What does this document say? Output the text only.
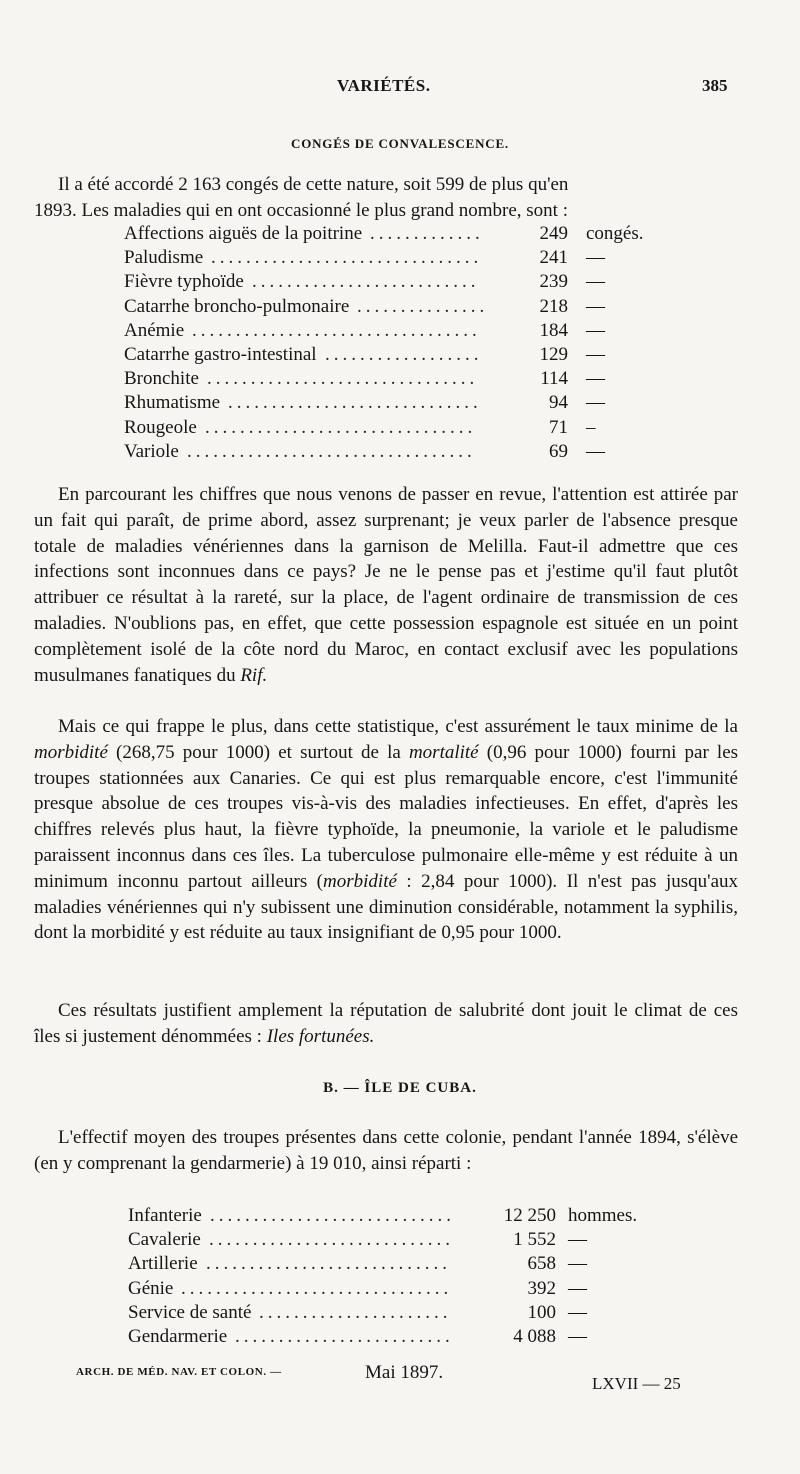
VARIÉTÉS.	385
CONGÉS DE CONVALESCENCE.
Il a été accordé 2 163 congés de cette nature, soit 599 de plus qu'en
1893. Les maladies qui en ont occasionné le plus grand nombre, sont :
Affections aiguës de la poitrine .............	249 congés.
Paludisme ...............................	241 —
Fièvre typhoïde ..........................	239 —
Catarrhe broncho-pulmonaire ...............	218 —
Anémie .................................	184 —
Catarrhe gastro-intestinal ..................	129 —
Bronchite ...............................	114 —
Rhumatisme .............................	94 —
Rougeole ...............................	71 –
Variole .................................	69 —

En parcourant les chiffres que nous venons de passer en revue, l'attention est attirée par un fait qui paraît, de prime abord, assez surprenant; je veux parler de l'absence presque totale de maladies vénériennes dans la garnison de Melilla. Faut-il admettre que ces infections sont inconnues dans ce pays? Je ne le pense pas et j'estime qu'il faut plutôt attribuer ce résultat à la rareté, sur la place, de l'agent ordinaire de transmission de ces maladies. N'oublions pas, en effet, que cette possession espagnole est située en un point complètement isolé de la côte nord du Maroc, en contact exclusif avec les populations musulmanes fanatiques du Rif.

Mais ce qui frappe le plus, dans cette statistique, c'est assurément le taux minime de la morbidité (268,75 pour 1000) et surtout de la mortalité (0,96 pour 1000) fourni par les troupes stationnées aux Canaries. Ce qui est plus remarquable encore, c'est l'immunité presque absolue de ces troupes vis-à-vis des maladies infectieuses. En effet, d'après les chiffres relevés plus haut, la fièvre typhoïde, la pneumonie, la variole et le paludisme paraissent inconnus dans ces îles. La tuberculose pulmonaire elle-même y est réduite à un minimum inconnu partout ailleurs (morbidité : 2,84 pour 1000). Il n'est pas jusqu'aux maladies vénériennes qui n'y subissent une diminution considérable, notamment la syphilis, dont la morbidité y est réduite au taux insignifiant de 0,95 pour 1000.

Ces résultats justifient amplement la réputation de salubrité dont jouit le climat de ces îles si justement dénommées : Iles fortunées.

B. — ÎLE DE CUBA.

L'effectif moyen des troupes présentes dans cette colonie, pendant l'année 1894, s'élève (en y comprenant la gendarmerie) à 19 010, ainsi réparti :

Infanterie ............................	12 250 hommes.
Cavalerie ............................	1 552 —
Artillerie ............................	658 —
Génie ...............................	392 —
Service de santé ......................	100 —
Gendarmerie .........................	4 088 —
ARCH. DE MÉD. NAV. ET COLON. —	Mai 1897.
LXVII — 25
